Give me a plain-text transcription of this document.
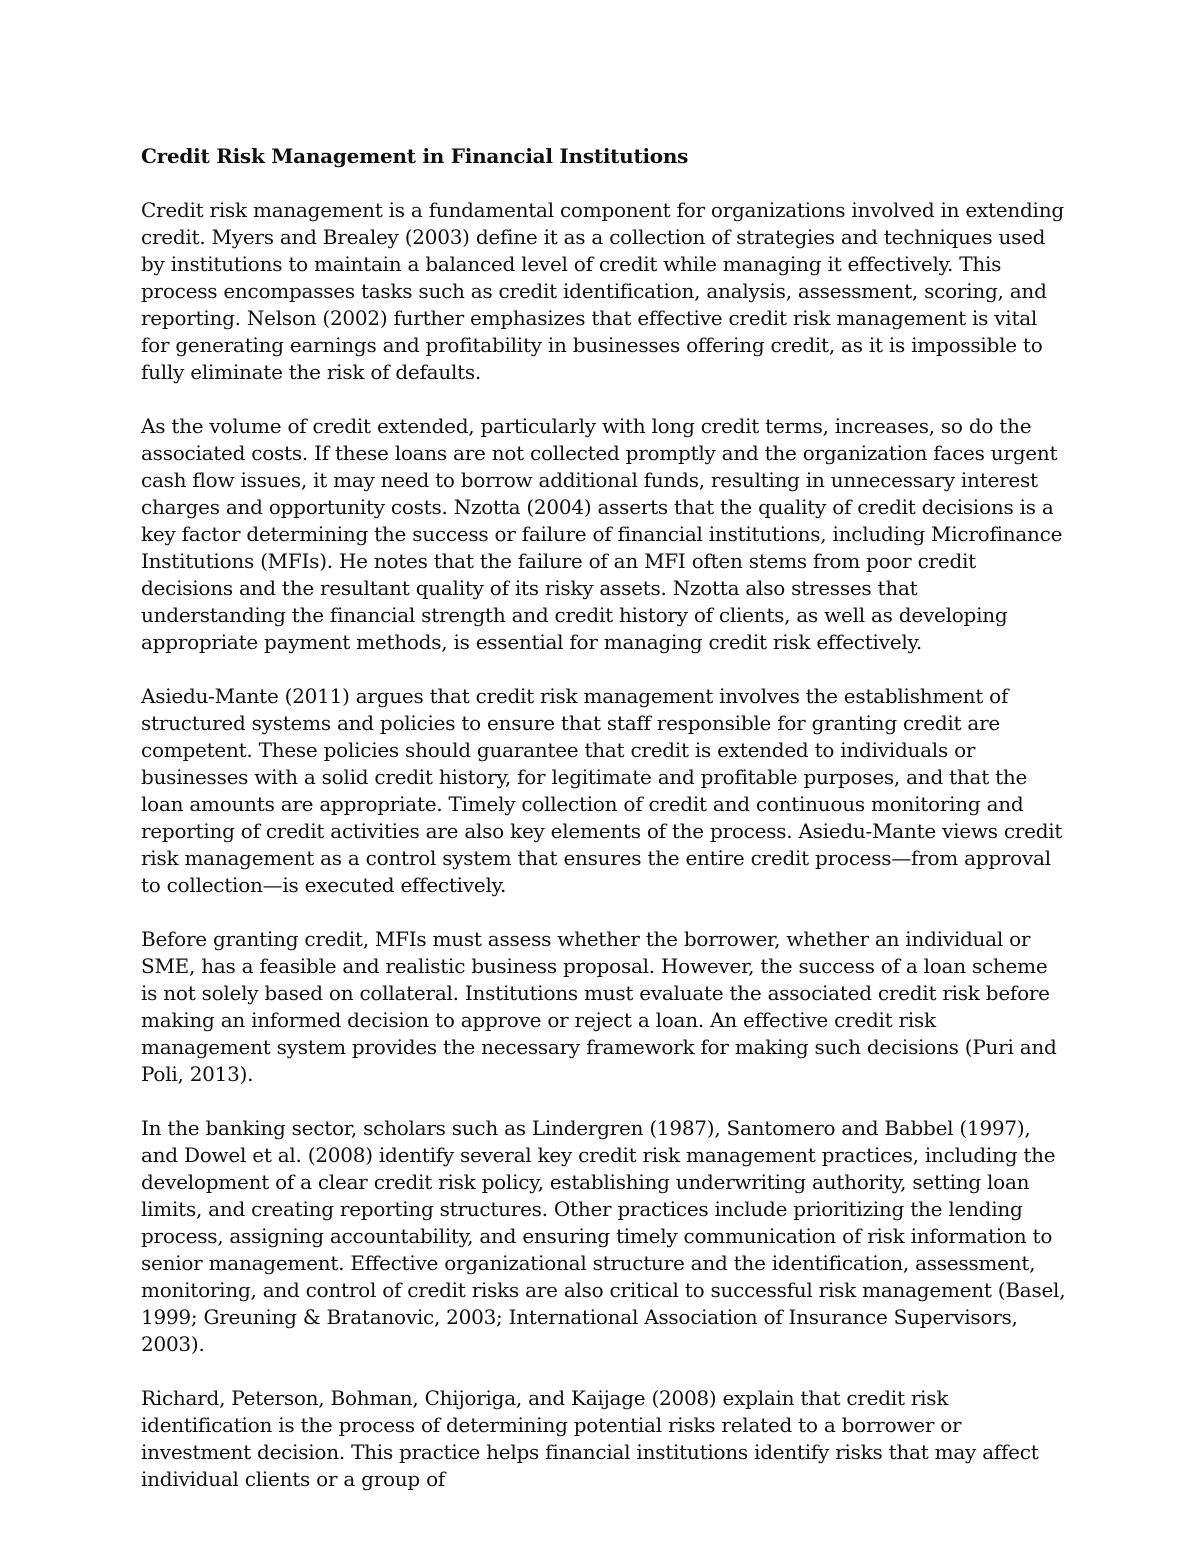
Credit Risk Management in Financial Institutions

Credit risk management is a fundamental component for organizations involved in extending credit. Myers and Brealey (2003) define it as a collection of strategies and techniques used by institutions to maintain a balanced level of credit while managing it effectively. This process encompasses tasks such as credit identification, analysis, assessment, scoring, and reporting. Nelson (2002) further emphasizes that effective credit risk management is vital for generating earnings and profitability in businesses offering credit, as it is impossible to fully eliminate the risk of defaults.

As the volume of credit extended, particularly with long credit terms, increases, so do the associated costs. If these loans are not collected promptly and the organization faces urgent cash flow issues, it may need to borrow additional funds, resulting in unnecessary interest charges and opportunity costs. Nzotta (2004) asserts that the quality of credit decisions is a key factor determining the success or failure of financial institutions, including Microfinance Institutions (MFIs). He notes that the failure of an MFI often stems from poor credit decisions and the resultant quality of its risky assets. Nzotta also stresses that understanding the financial strength and credit history of clients, as well as developing appropriate payment methods, is essential for managing credit risk effectively.

Asiedu-Mante (2011) argues that credit risk management involves the establishment of structured systems and policies to ensure that staff responsible for granting credit are competent. These policies should guarantee that credit is extended to individuals or businesses with a solid credit history, for legitimate and profitable purposes, and that the loan amounts are appropriate. Timely collection of credit and continuous monitoring and reporting of credit activities are also key elements of the process. Asiedu-Mante views credit risk management as a control system that ensures the entire credit process—from approval to collection—is executed effectively.

Before granting credit, MFIs must assess whether the borrower, whether an individual or SME, has a feasible and realistic business proposal. However, the success of a loan scheme is not solely based on collateral. Institutions must evaluate the associated credit risk before making an informed decision to approve or reject a loan. An effective credit risk management system provides the necessary framework for making such decisions (Puri and Poli, 2013).

In the banking sector, scholars such as Lindergren (1987), Santomero and Babbel (1997), and Dowel et al. (2008) identify several key credit risk management practices, including the development of a clear credit risk policy, establishing underwriting authority, setting loan limits, and creating reporting structures. Other practices include prioritizing the lending process, assigning accountability, and ensuring timely communication of risk information to senior management. Effective organizational structure and the identification, assessment, monitoring, and control of credit risks are also critical to successful risk management (Basel, 1999; Greuning & Bratanovic, 2003; International Association of Insurance Supervisors, 2003).

Richard, Peterson, Bohman, Chijoriga, and Kaijage (2008) explain that credit risk identification is the process of determining potential risks related to a borrower or investment decision. This practice helps financial institutions identify risks that may affect individual clients or a group of
